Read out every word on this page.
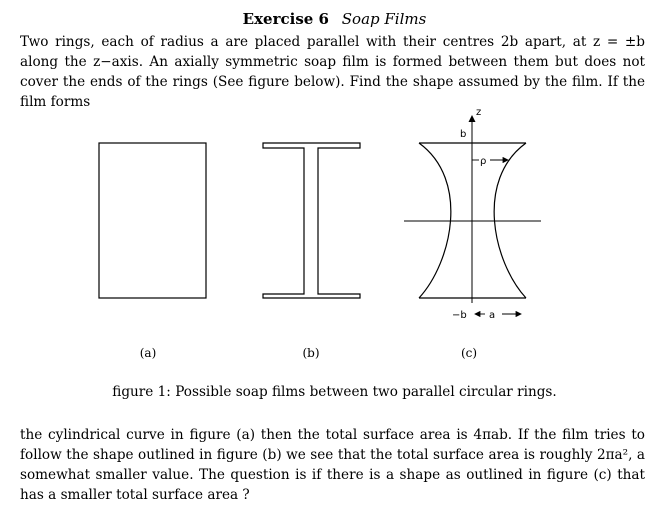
Exercise 6 Soap Films
Two rings, each of radius a are placed parallel with their centres 2b apart, at z = ±b along the z−axis. An axially symmetric soap film is formed between them but does not cover the ends of the rings (See figure below). Find the shape assumed by the film. If the film forms
z
b
ρ
−b a
(a)	(b)	(c)
figure 1: Possible soap films between two parallel circular rings.
the cylindrical curve in figure (a) then the total surface area is 4πab. If the film tries to follow the shape outlined in figure (b) we see that the total surface area is roughly 2πa², a somewhat smaller value. The question is if there is a shape as outlined in figure (c) that has a smaller total surface area ?
